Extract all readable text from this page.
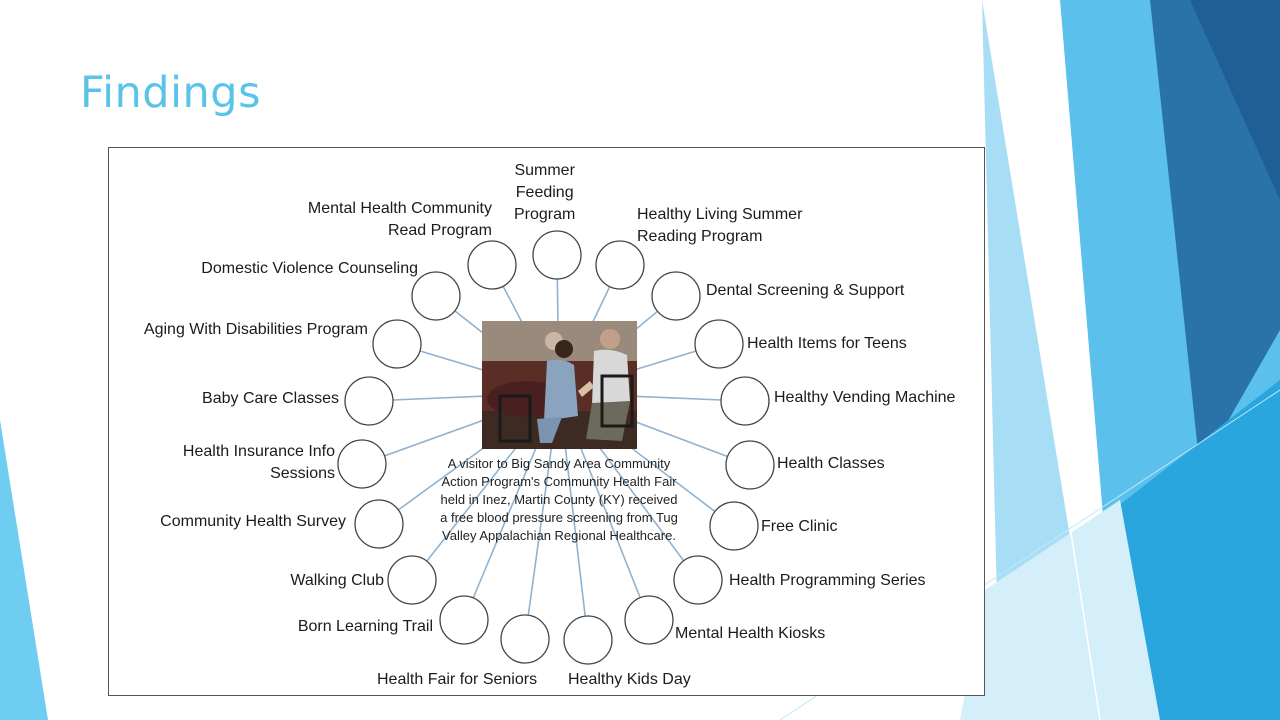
Findings
A visitor to Big Sandy Area Community Action Program's Community Health Fair held in Inez, Martin County (KY) received a free blood pressure screening from Tug Valley Appalachian Regional Healthcare.
Summer
Feeding
Program	Healthy Living Summer
Reading Program
Dental Screening & Support
Health Items for Teens
Healthy Vending Machine
Health Classes
Free Clinic
Health Programming Series
Mental Health Kiosks
Healthy Kids Day
Health Fair for Seniors
Born Learning Trail
Walking Club
Community Health Survey
Health Insurance Info
Sessions
Baby Care Classes
Aging With Disabilities Program
Domestic Violence Counseling
Mental Health Community
Read Program
